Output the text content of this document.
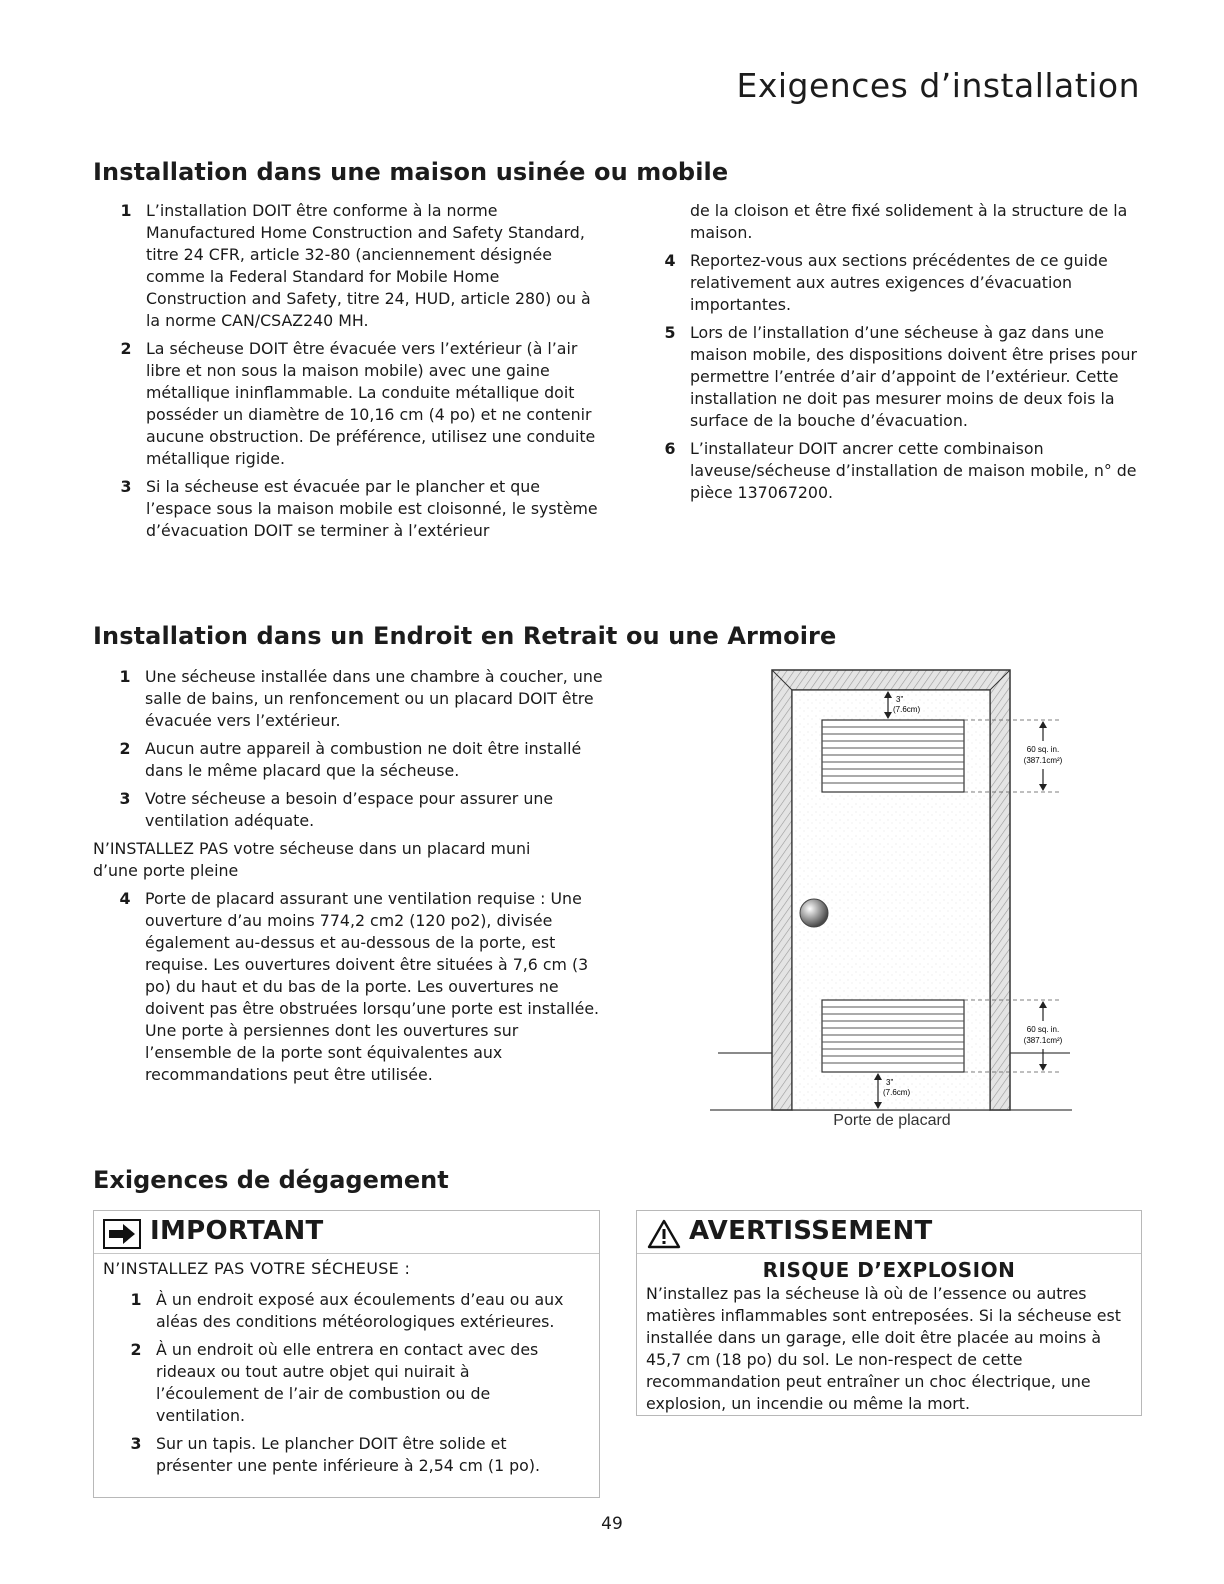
Exigences d’installation
Installation dans une maison usinée ou mobile
1 L’installation DOIT être conforme à la norme Manufactured Home Construction and Safety Standard, titre 24 CFR, article 32-80 (anciennement désignée comme la Federal Standard for Mobile Home Construction and Safety, titre 24, HUD, article 280) ou à la norme CAN/CSAZ240 MH.
2 La sécheuse DOIT être évacuée vers l’extérieur (à l’air libre et non sous la maison mobile) avec une gaine métallique ininflammable. La conduite métallique doit posséder un diamètre de 10,16 cm (4 po) et ne contenir aucune obstruction. De préférence, utilisez une conduite métallique rigide.
3 Si la sécheuse est évacuée par le plancher et que l’espace sous la maison mobile est cloisonné, le système d’évacuation DOIT se terminer à l’extérieur

de la cloison et être fixé solidement à la structure de la maison.

4 Reportez-vous aux sections précédentes de ce guide relativement aux autres exigences d’évacuation importantes.
5 Lors de l’installation d’une sécheuse à gaz dans une maison mobile, des dispositions doivent être prises pour permettre l’entrée d’air d’appoint de l’extérieur. Cette installation ne doit pas mesurer moins de deux fois la surface de la bouche d’évacuation.
6 L’installateur DOIT ancrer cette combinaison laveuse/sécheuse d’installation de maison mobile, n° de pièce 137067200.
Installation dans un Endroit en Retrait ou une Armoire
1 Une sécheuse installée dans une chambre à coucher, une salle de bains, un renfoncement ou un placard DOIT être évacuée vers l’extérieur.
2 Aucun autre appareil à combustion ne doit être installé dans le même placard que la sécheuse.
3 Votre sécheuse a besoin d’espace pour assurer une ventilation adéquate.

N’INSTALLEZ PAS votre sécheuse dans un placard muni d’une porte pleine

4 Porte de placard assurant une ventilation requise : Une ouverture d’au moins 774,2 cm2 (120 po2), divisée également au-dessus et au-dessous de la porte, est requise. Les ouvertures doivent être situées à 7,6 cm (3 po) du haut et du bas de la porte. Les ouvertures ne doivent pas être obstruées lorsqu’une porte est installée. Une porte à persiennes dont les ouvertures sur l’ensemble de la porte sont équivalentes aux recommandations peut être utilisée.
3"
(7.6cm)
3"
(7.6cm)
60 sq. in.
(387.1cm²)
60 sq. in.
(387.1cm²)
Porte de placard
Exigences de dégagement
IMPORTANT
N’INSTALLEZ PAS VOTRE SÉCHEUSE :
1 À un endroit exposé aux écoulements d’eau ou aux aléas des conditions météorologiques extérieures.
2 À un endroit où elle entrera en contact avec des rideaux ou tout autre objet qui nuirait à l’écoulement de l’air de combustion ou de ventilation.
3 Sur un tapis. Le plancher DOIT être solide et présenter une pente inférieure à 2,54 cm (1 po).
AVERTISSEMENT
RISQUE D’EXPLOSION
N’installez pas la sécheuse là où de l’essence ou autres matières inflammables sont entreposées. Si la sécheuse est installée dans un garage, elle doit être placée au moins à 45,7 cm (18 po) du sol. Le non-respect de cette recommandation peut entraîner un choc électrique, une explosion, un incendie ou même la mort.
49
